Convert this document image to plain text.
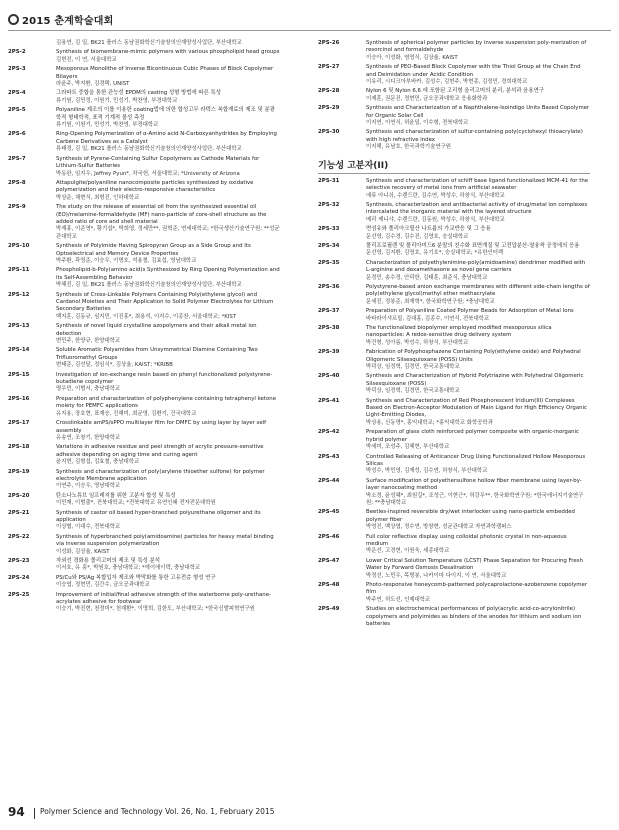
2015 춘계학술대회
김용연, 김 일, BK21 플러스 동남권화학신기술창의인재양성사업단, 부산대학교
2PS-2	Synthesis of biomembrane-mimic polymers with various phospholipid head groups
김현진, 이 연, 서울대학교
2PS-3	Mesoporous Monolithe of Inverse Bicontinuous Cubic Phases of Block Copolymer Bilayers
라윤주, 박지환, 김경택, UNIST
2PS-4	그라파트 중합을 통한 관능성 EPDM의 casting 성형 방법에 따른 특성
류기원, 김민정, 이원기, 민성기, 박찬영, 부경대학교
2PS-5	Polyaniline 제조의 이를 이용한 coating법에 의한 합성고무 라텍스 복합재료의 제조 및 분광학적 형태학적, 표적 기계적 물성 측정
류기원, 이원기, 민성기, 박찬영, 부경대학교
2PS-6	Ring-Opening Polymerization of α-Amino acid N-Carboxyanhydrides by Employing Carbene Derivatives as a Catalyst
류태경, 김 일, BK21 플러스 동남권화학신기술창의인재양성사업단, 부산대학교
2PS-7	Synthesis of Pyrene-Containing Sulfur Copolymers as Cathode Materials for Lithium-Sulfur Batteries
박동완, 임지우, Jeffrey Pyun*, 차국헌, 서울대학교; *University of Arizona
2PS-8	Attapulgite/polyaniline nanocomposite particles synthesized by oxidative polymerization and their electro-responsive characteristics
박상운, 채현식, 최형진, 인하대학교
2PS-9	The study on the release of essential oil from the synthesized essential oil (EO)/melamine-formaldehyde (MF) nano-particle of core-shell structure as the added ratio of core and shell material
박재홍, 이준영*, 황기섭*, 박희영, 정세만**, 권혁준, 연세대학교; *한국생산기술연구원; **성균관대학교
2PS-10	Synthesis of Polyimide Having Spiropyran Group as a Side Group and Its Optoelectrical and Memory Device Properties
박주환, 곽영준, 이승우, 이명호, 석용철, 김효섭, 영남대학교
2PS-11	Phospholipid-b-Poly(amino acid)s Synthesized by Ring Opening Polymerization and its Self-Assembling Behavior
박혜진, 김 일, BK21 플러스 동남권화학신기술창의인재양성사업단, 부산대학교
2PS-12	Synthesis of Cross-Linkable Polymers Containing Poly(ethylene glycol) and Cardanol Moieties and Their Application to Solid Polymer Electrolytes for Lithium Secondary Batteries
백지훈, 김동규, 심지민, 이진홍*, 최용석, 이지수, 이종찬, 서울대학교; *KIST
2PS-13	Synthesis of novel liquid crystalline azopolymers and their alkali metal ion detection
변민주, 한양규, 한양대학교
2PS-14	Soluble Aromatic Polyamides from Unsymmetrical Diamine Containing Two Trifluoromethyl Groups
변태준, 김선달, 정임식*, 김상율, KAIST; *KRIBB
2PS-15	Investigation of ion-exchange resin based on phenyl functionalized polystyrene-butadiene copolymer
명우민, 이범서, 충남대학교
2PS-16	Preparation and characterization of polyphenylene containing tetraphenyl ketone moiety for PEMFC applications
유지용, 장호현, 표재승, 진해미, 최균영, 김환기, 건국대학교
2PS-17	Crosslinkable amPS/sPPO multilayer film for DMFC by using layer by layer self assembly
유송연, 조창기, 한양대학교
2PS-18	Variations in adhesive residue and peel strength of acrylic pressure-sensitive adhesive depending on aging time and curing agent
윤지현, 김형섭, 김효철, 충남대학교
2PS-19	Synthesis and characterization of poly(arylene thioether sulfone) for polymer electrolyte Membrane application
이연주, 이승우, 영남대학교
2PS-20	탄소나노튜브 임프레지를 위한 고분자 합성 및 특성
이민재, 이범출*, 전북대학교; *전북대학교 유연인쇄 전자전문대학원
2PS-21	Synthesis of castor oil based hyper-branched polyurethane oligomer and its application
이상협, 이대수, 전북대학교
2PS-22	Synthesis of hyperbranched poly(amidoamine) particles for heavy metal binding via inverse suspension polymerization
이성화, 김상율, KAIST
2PS-23	자외선 경화용 폴리고머의 제조 및 특성 분석
이서호, 유 흥*, 박원호, 충남대학교; *에이에이텍, 충남대학교
2PS-24	PS/Cu와 PS/Ag 복합입자 제조와 박막화를 통한 고유전층 형성 연구
이승엽, 정현민, 김간수, 금오공과대학교
2PS-25	Improvement of initial/final adhesive strength of the waterborne poly-urethane-acrylates adhesive for footwear
이승기, 박진현, 천정미*, 천재환*, 이영희, 김한도, 부산대학교; *한국신발피혁연구원
2PS-26	Synthesis of spherical polymer particles by inverse suspension poly-merization of resorcinol and formaldehyde
이승아, 이성화, 염영식, 김상율, KAIST
2PS-27	Synthesis of PEO-Based Block Copolymer with the Thiol Group at the Chain End and Deimidation under Acidic Condition
이유리, 시디크아부바카, 김성수, 김현주, 박현종, 김정민, 경희대학교
2PS-28	Nylon 6 및 Nylon 6,6 에 포함된 고리형 올리고머의 분리, 분석과 음용연구
이재훈, 권문진, 정현민, 금오공과대학교 응용화학과
2PS-29	Synthesis and Characterization of a Naphthalene-Isoindigo Units Based Copolymer for Organic Solar Cell
이지연, 이연식, 허윤일, 이수형, 전북대학교
2PS-30	Synthesis and characterization of sulfur-containing poly(cyclohexyl thioacrylate) with high refractive index
이지해, 유남호, 한국과학기술연구원
기능성 고분자(II)
2PS-31	Synthesis and characterization of schiff base ligand functionalized MCM-41 for the selective recovery of metal ions from artificial seawater
애류 아니쉬, 수렌드란, 김수연, 박성수, 하창식, 부산대학교
2PS-32	Synthesis, characterization and antibacterial activity of drug/metal ion complexes intercalated the inorganic material with the layered structure
메리 제니샤, 수렌드란, 김동원, 박성수, 하창식, 부산대학교
2PS-33	면섬유와 폴리아크릴산 나트륨의 가교반응 및 그 응용
문선영, 김수경, 김수진, 김영호, 숭실대학교
2PS-34	폴리프로필렌 및 폴리아미드6 분말의 친수화 표면개질 및 고전압분산-열융착 공정에의 응용
문선영, 김지환, 김영호, 유기호*, 숭실대학교; *유한인터렉
2PS-35	Characterization of polyethylenimine-poly(amidoamine) dendrimer modified with L-arginine and dexamethasone as novel gene carriers
문정민, 송수정, 안덕한, 김태훈, 최준식, 충남대학교
2PS-36	Polystyrene-based anion exchange membranes with different side-chain lengths of poly(ethylene glycol)methyl ether methacrylate
문세진, 정봉준, 최재혁*, 한국화학연구원; *충남대학교
2PS-37	Preparation of Polyaniline Coated Polymer Beads for Adsorption of Metal Ions
바타라이샤르밀, 김대홍, 김종수, 이연식, 전북대학교
2PS-38	The functionalized biopolymer employed modified mesoporous silica nanoparticles: A redox-sensitive drug delivery system
박건형, 성아름, 박성수, 하창식, 부산대학교
2PS-39	Fabrication of Polyphosphazene Containing Poly(ethylene oxide) and Polyhedral Oligomeric Silsesquioxane (POSS) Units
박덕상, 임정혁, 김경민, 한국교통대학교
2PS-40	Synthesis and Characterization of Hybrid Polytriazine with Polyhedral Oligomeric Silsesquioxane (POSS)
박덕상, 임정혁, 김경민, 한국교통대학교
2PS-41	Synthesis and Characterization of Red Phosphorescent Iridium(III) Complexes Based on Electron-Acceptor Modulation of Main Ligand for High Efficiency Organic Light-Emitting Diodes,
박상용, 신동명*, 홍익대학교; *홍익대학교 화학공학과
2PS-42	Preparation of glass cloth reinforced polymer composite with organic-inorganic hybrid polymer
박세미, 조성주, 김혜현, 부산대학교
2PS-43	Controlled Releasing of Anticancer Drug Using Functionalized Hollow Mesoporous Silicas
박성수, 박민영, 김재성, 김수연, 하창식, 부산대학교
2PS-44	Surface modification of polyethersulfone hollow fiber membrane using layer-by-layer nanocoating method
박소정, 윤성혜*, 최원길*, 조성근, 이현근*, 허강무**, 한국화학연구원; *한국에너지기술연구원; **충남대학교
2PS-45	Beetles-inspired reversible dry/wet interlocker using nano-particle embedded polymer fiber
박영진, 백상엽, 정수연, 방창현, 성균관대학교 자연과학캠퍼스
2PS-46	Full color reflective display using colloidal photonic crystal in non-aqueous medium
박운선, 고경현, 이원욱, 세종대학교
2PS-47	Lower Critical Solution Temperature (LCST) Phase Separation for Procuring Fresh Water by Forward Osmosis Desalination
박정선, 노민우, 목명봉, 나카이마 다이지, 이 연, 서울대학교
2PS-48	Photo-responsive honeycomb-patterned polycaprolactone-azobenzene copolymer film
박주연, 허도선, 인제대학교
2PS-49	Studies on electrochemical performances of poly(acrylic acid-co-acrylonitrile) copolymers and polyimides as binders of the anodes for lithium and sodium ion batteries
94 Polymer Science and Technology Vol. 26, No. 1, February 2015
